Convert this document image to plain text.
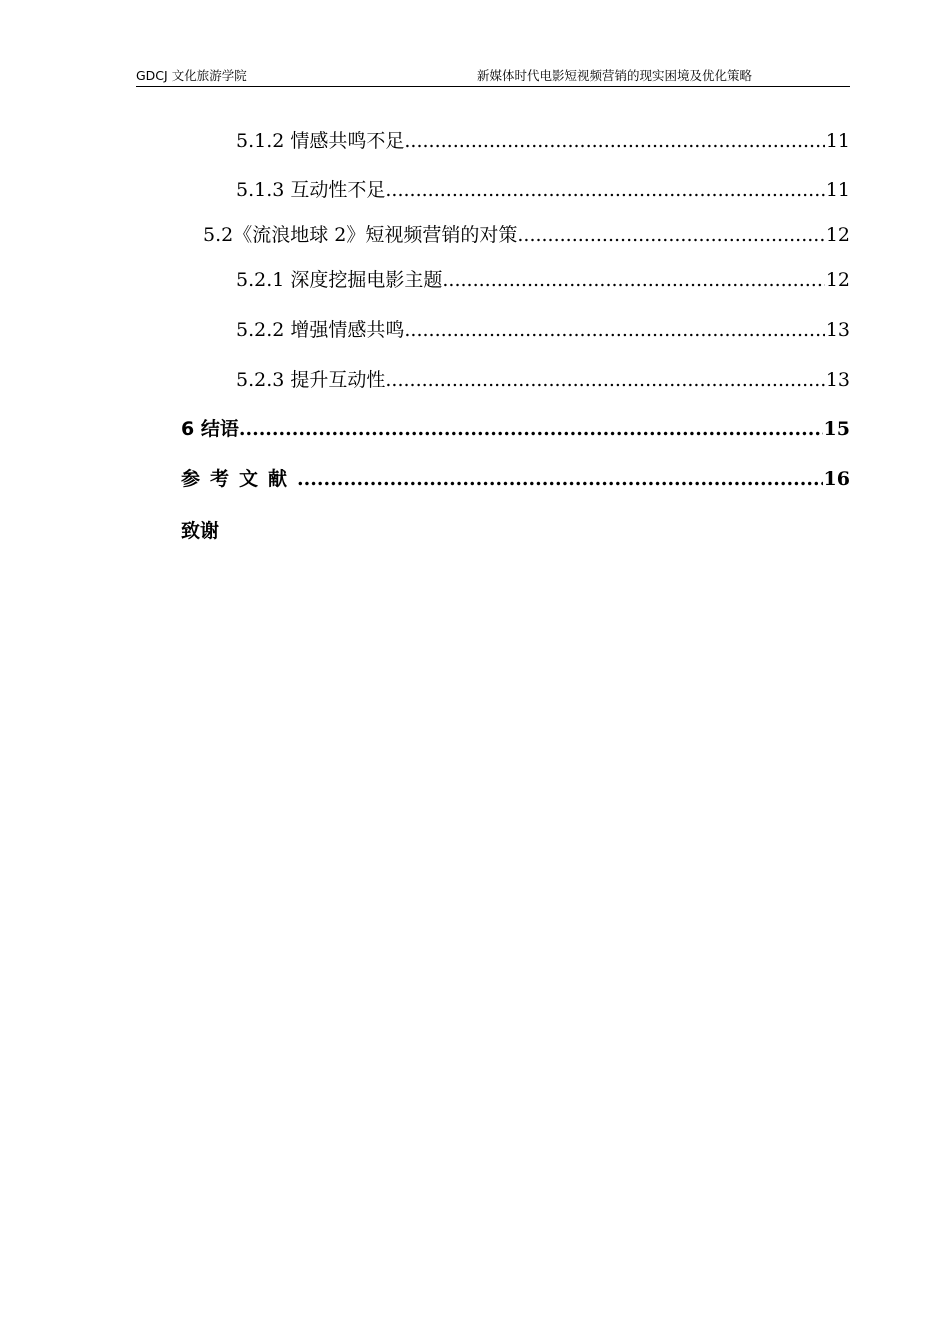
GDCJ 文化旅游学院	新媒体时代电影短视频营销的现实困境及优化策略
5.1.2 情感共鸣不足 .....	11
5.1.3 互动性不足 .....	11
5.2《流浪地球 2》短视频营销的对策 .....	12
5.2.1 深度挖掘电影主题 .....	12
5.2.2 增强情感共鸣 .....	13
5.2.3 提升互动性 .....	13
6 结语 .....	15
参考文献 .....	16
致谢
